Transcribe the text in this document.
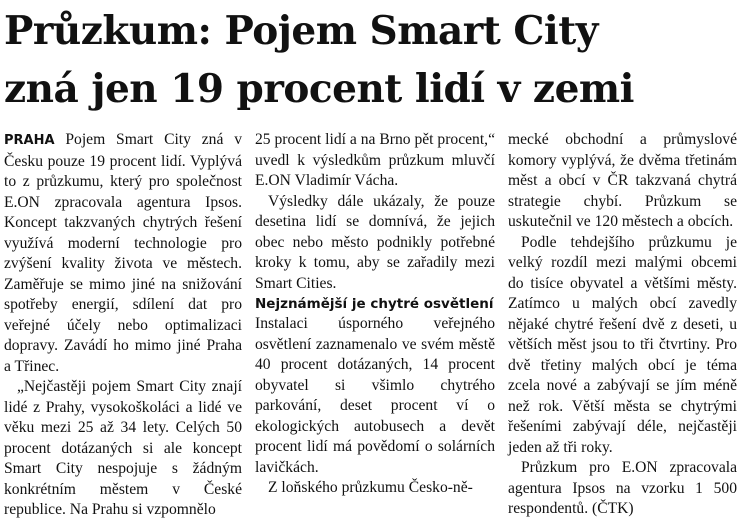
Průzkum: Pojem Smart City
zná jen 19 procent lidí v zemi

PRAHA Pojem Smart City zná v Česku pouze 19 procent lidí. Vyplývá to z průzkumu, který pro společnost E.ON zpracovala agentura Ipsos. Koncept takzvaných chytrých řešení využívá moderní technologie pro zvýšení kvality života ve městech. Zaměřuje se mimo jiné na snižování spotřeby energií, sdílení dat pro veřejné účely nebo optimalizaci dopravy. Zavádí ho mimo jiné Praha a Třinec.

„Nejčastěji pojem Smart City znají lidé z Prahy, vysokoškoláci a lidé ve věku mezi 25 až 34 lety. Celých 50 procent dotázaných si ale koncept Smart City nespojuje s žádným konkrétním městem v České republice. Na Prahu si vzpomnělo

25 procent lidí a na Brno pět procent,“ uvedl k výsledkům průzkum mluvčí E.ON Vladimír Vácha.

Výsledky dále ukázaly, že pouze desetina lidí se domnívá, že jejich obec nebo město podnikly potřebné kroky k tomu, aby se zařadily mezi Smart Cities.

Nejznámější je chytré osvětlení

Instalaci úsporného veřejného osvětlení zaznamenalo ve svém městě 40 procent dotázaných, 14 procent obyvatel si všimlo chytrého parkování, deset procent ví o ekologických autobusech a devět procent lidí má povědomí o solárních lavičkách.

Z loňského průzkumu Česko-ně-

mecké obchodní a průmyslové komory vyplývá, že dvěma třetinám měst a obcí v ČR takzvaná chytrá strategie chybí. Průzkum se uskutečnil ve 120 městech a obcích.

Podle tehdejšího průzkumu je velký rozdíl mezi malými obcemi do tisíce obyvatel a většími městy. Zatímco u malých obcí zavedly nějaké chytré řešení dvě z deseti, u větších měst jsou to tři čtvrtiny. Pro dvě třetiny malých obcí je téma zcela nové a zabývají se jím méně než rok. Větší města se chytrými řešeními zabývají déle, nejčastěji jeden až tři roky.

Průzkum pro E.ON zpracovala agentura Ipsos na vzorku 1 500 respondentů. (ČTK)
